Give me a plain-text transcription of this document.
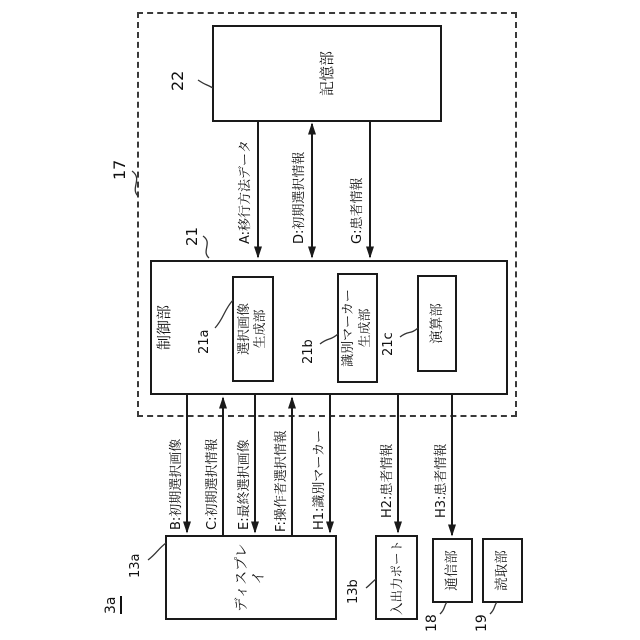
記憶部
制御部	選択画像 生成部	識別マーカー 生成部	演算部
ディスプレイ	入出力ポート	通信部	読取部
A:移行方法データ	D:初期選択情報	G:患者情報
B:初期選択画像	C:初期選択情報	E:最終選択画像	F:操作者選択情報	H1:識別マーカー	H2:患者情報	H3:患者情報
3a
17
22
21
21a	21b	21c
13a
13b
18 19
